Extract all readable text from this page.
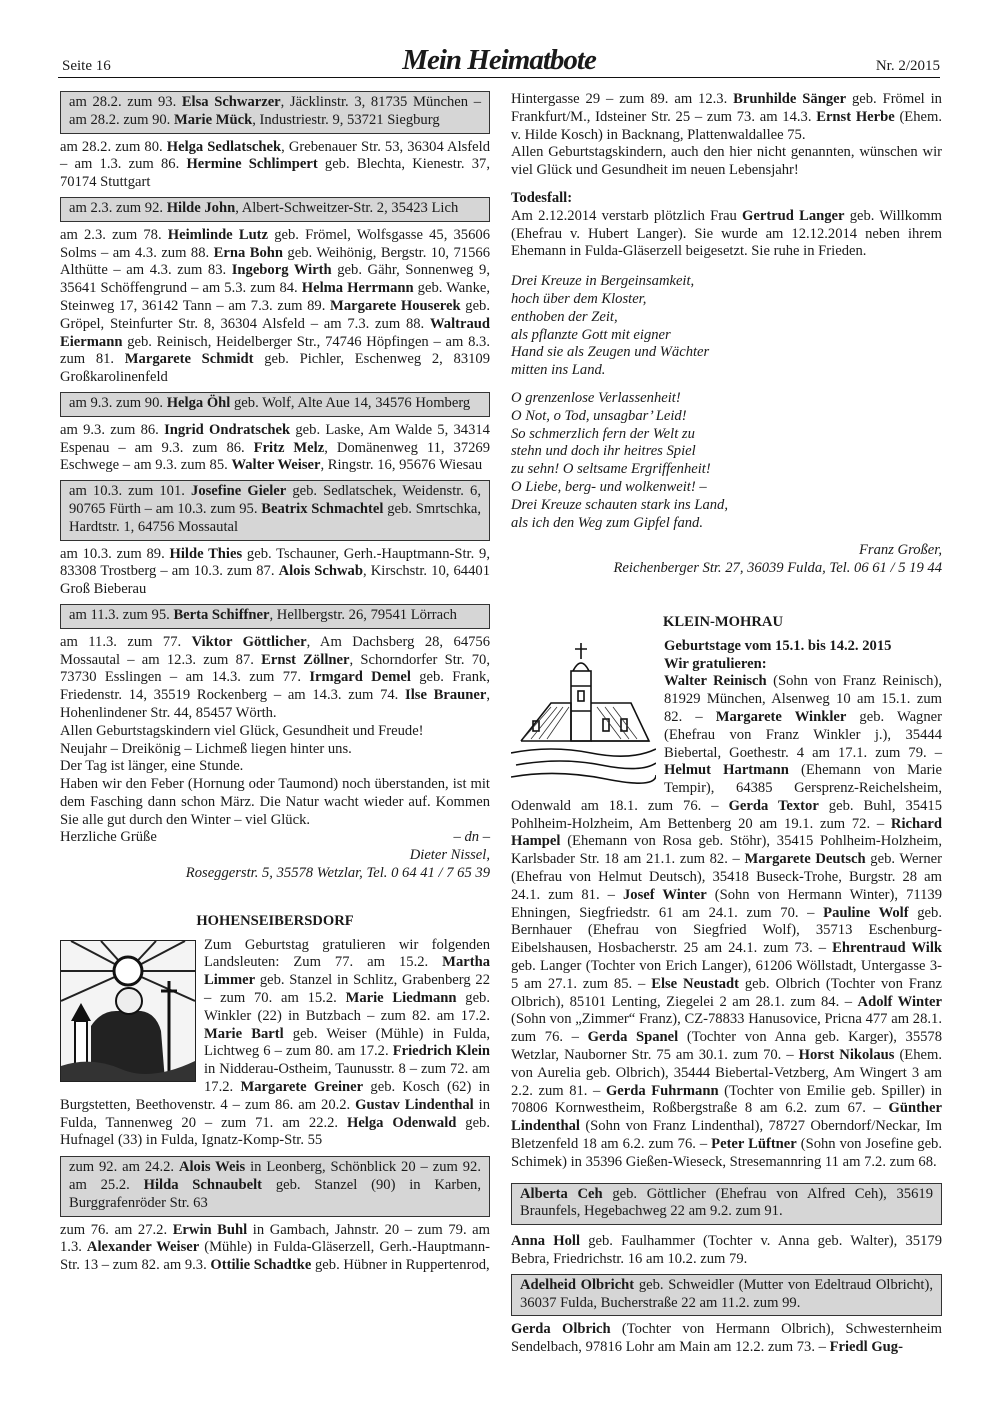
Seite 16	Mein Heimatbote	Nr. 2/2015
am 28.2. zum 93. Elsa Schwarzer, Jäcklinstr. 3, 81735 München – am 28.2. zum 90. Marie Mück, Industriestr. 9, 53721 Siegburg

am 28.2. zum 80. Helga Sedlatschek, Grebenauer Str. 53, 36304 Alsfeld – am 1.3. zum 86. Hermine Schlimpert geb. Blechta, Kienestr. 37, 70174 Stuttgart

am 2.3. zum 92. Hilde John, Albert-Schweitzer-Str. 2, 35423 Lich

am 2.3. zum 78. Heimlinde Lutz geb. Frömel, Wolfsgasse 45, 35606 Solms – am 4.3. zum 88. Erna Bohn geb. Weihönig, Bergstr. 10, 71566 Althütte – am 4.3. zum 83. Ingeborg Wirth geb. Gähr, Sonnenweg 9, 35641 Schöffengrund – am 5.3. zum 84. Helma Herrmann geb. Wanke, Steinweg 17, 36142 Tann – am 7.3. zum 89. Margarete Houserek geb. Gröpel, Steinfurter Str. 8, 36304 Alsfeld – am 7.3. zum 88. Waltraud Eiermann geb. Reinisch, Heidelberger Str., 74746 Höpfingen – am 8.3. zum 81. Margarete Schmidt geb. Pichler, Eschenweg 2, 83109 Großkarolinenfeld

am 9.3. zum 90. Helga Öhl geb. Wolf, Alte Aue 14, 34576 Homberg

am 9.3. zum 86. Ingrid Ondratschek geb. Laske, Am Walde 5, 34314 Espenau – am 9.3. zum 86. Fritz Melz, Domänenweg 11, 37269 Eschwege – am 9.3. zum 85. Walter Weiser, Ringstr. 16, 95676 Wiesau

am 10.3. zum 101. Josefine Gieler geb. Sedlatschek, Weidenstr. 6, 90765 Fürth – am 10.3. zum 95. Beatrix Schmachtel geb. Smrtschka, Hardtstr. 1, 64756 Mossautal

am 10.3. zum 89. Hilde Thies geb. Tschauner, Gerh.-Hauptmann-Str. 9, 83308 Trostberg – am 10.3. zum 87. Alois Schwab, Kirschstr. 10, 64401 Groß Bieberau

am 11.3. zum 95. Berta Schiffner, Hellbergstr. 26, 79541 Lörrach

am 11.3. zum 77. Viktor Göttlicher, Am Dachsberg 28, 64756 Mossautal – am 12.3. zum 87. Ernst Zöllner, Schorndorfer Str. 70, 73730 Esslingen – am 14.3. zum 77. Irmgard Demel geb. Frank, Friedenstr. 14, 35519 Rockenberg – am 14.3. zum 74. Ilse Brauner, Hohenlindener Str. 44, 85457 Wörth.

Allen Geburtstagskindern viel Glück, Gesundheit und Freude!

Neujahr – Dreikönig – Lichmeß liegen hinter uns.

Der Tag ist länger, eine Stunde.

Haben wir den Feber (Hornung oder Taumond) noch überstanden, ist mit dem Fasching dann schon März. Die Natur wacht wieder auf. Kommen Sie alle gut durch den Winter – viel Glück.

Herzliche Grüße	– dn –

Dieter Nissel,

Roseggerstr. 5, 35578 Wetzlar, Tel. 0 64 41 / 7 65 39

HOHENSEIBERSDORF

Zum Geburtstag gratulieren wir folgenden Landsleuten: Zum 77. am 15.2. Martha Limmer geb. Stanzel in Schlitz, Grabenberg 22 – zum 70. am 15.2. Marie Liedmann geb. Winkler (22) in Butzbach – zum 82. am 17.2. Marie Bartl geb. Weiser (Mühle) in Fulda, Lichtweg 6 – zum 80. am 17.2. Friedrich Klein in Nidderau-Ostheim, Taunusstr. 8 – zum 72. am 17.2. Margarete Greiner geb. Kosch (62) in Burgstetten, Beethovenstr. 4 – zum 86. am 20.2. Gustav Lindenthal in Fulda, Tannenweg 20 – zum 71. am 22.2. Helga Odenwald geb. Hufnagel (33) in Fulda, Ignatz-Komp-Str. 55

zum 92. am 24.2. Alois Weis in Leonberg, Schönblick 20 – zum 92. am 25.2. Hilda Schnaubelt geb. Stanzel (90) in Karben, Burggrafenröder Str. 63

zum 76. am 27.2. Erwin Buhl in Gambach, Jahnstr. 20 – zum 79. am 1.3. Alexander Weiser (Mühle) in Fulda-Gläserzell, Gerh.-Hauptmann-Str. 13 – zum 82. am 9.3. Ottilie Schadtke geb. Hübner in Ruppertenrod,

Hintergasse 29 – zum 89. am 12.3. Brunhilde Sänger geb. Frömel in Frankfurt/M., Idsteiner Str. 25 – zum 73. am 14.3. Ernst Herbe (Ehem. v. Hilde Kosch) in Backnang, Plattenwaldallee 75.

Allen Geburtstagskindern, auch den hier nicht genannten, wünschen wir viel Glück und Gesundheit im neuen Lebensjahr!

Todesfall:

Am 2.12.2014 verstarb plötzlich Frau Gertrud Langer geb. Willkomm (Ehefrau v. Hubert Langer). Sie wurde am 12.12.2014 neben ihrem Ehemann in Fulda-Gläserzell beigesetzt. Sie ruhe in Frieden.

Drei Kreuze in Bergeinsamkeit,
hoch über dem Kloster,
enthoben der Zeit,
als pflanzte Gott mit eigner
Hand sie als Zeugen und Wächter
mitten ins Land.
O grenzenlose Verlassenheit!
O Not, o Tod, unsagbar’ Leid!
So schmerzlich fern der Welt zu
stehn und doch ihr heitres Spiel
zu sehn! O seltsame Ergriffenheit!
O Liebe, berg- und wolkenweit! –
Drei Kreuze schauten stark ins Land,
als ich den Weg zum Gipfel fand.

Franz Großer,

Reichenberger Str. 27, 36039 Fulda, Tel. 06 61 / 5 19 44

KLEIN-MOHRAU

Geburtstage vom 15.1. bis 14.2. 2015

Wir gratulieren:

Walter Reinisch (Sohn von Franz Reinisch), 81929 München, Alsenweg 10 am 15.1. zum 82. – Margarete Winkler geb. Wagner (Ehefrau von Franz Winkler j.), 35444 Biebertal, Goethestr. 4 am 17.1. zum 79. – Helmut Hartmann (Ehemann von Marie Tempir), 64385 Gersprenz-Reichelsheim, Odenwald am 18.1. zum 76. – Gerda Textor geb. Buhl, 35415 Pohlheim-Holzheim, Am Bettenberg 20 am 19.1. zum 72. – Richard Hampel (Ehemann von Rosa geb. Stöhr), 35415 Pohlheim-Holzheim, Karlsbader Str. 18 am 21.1. zum 82. – Margarete Deutsch geb. Werner (Ehefrau von Helmut Deutsch), 35418 Buseck-Trohe, Burgstr. 28 am 24.1. zum 81. – Josef Winter (Sohn von Hermann Winter), 71139 Ehningen, Siegfriedstr. 61 am 24.1. zum 70. – Pauline Wolf geb. Bernhauer (Ehefrau von Siegfried Wolf), 35713 Eschenburg-Eibelshausen, Hosbacherstr. 25 am 24.1. zum 73. – Ehrentraud Wilk geb. Langer (Tochter von Erich Langer), 61206 Wöllstadt, Untergasse 3-5 am 27.1. zum 85. – Else Neustadt geb. Olbrich (Tochter von Franz Olbrich), 85101 Lenting, Ziegelei 2 am 28.1. zum 84. – Adolf Winter (Sohn von „Zimmer“ Franz), CZ-78833 Hanusovice, Pricna 477 am 28.1. zum 76. – Gerda Spanel (Tochter von Anna geb. Karger), 35578 Wetzlar, Nauborner Str. 75 am 30.1. zum 70. – Horst Nikolaus (Ehem. von Aurelia geb. Olbrich), 35444 Biebertal-Vetzberg, Am Wingert 3 am 2.2. zum 81. – Gerda Fuhrmann (Tochter von Emilie geb. Spiller) in 70806 Kornwestheim, Roßbergstraße 8 am 6.2. zum 67. – Günther Lindenthal (Sohn von Franz Lindenthal), 78727 Oberndorf/Neckar, Im Bletzenfeld 18 am 6.2. zum 76. – Peter Lüftner (Sohn von Josefine geb. Schimek) in 35396 Gießen-Wieseck, Stresemannring 11 am 7.2. zum 68.

Alberta Ceh geb. Göttlicher (Ehefrau von Alfred Ceh), 35619 Braunfels, Hegebachweg 22 am 9.2. zum 91.

Anna Holl geb. Faulhammer (Tochter v. Anna geb. Walter), 35179 Bebra, Friedrichstr. 16 am 10.2. zum 79.

Adelheid Olbricht geb. Schweidler (Mutter von Edeltraud Olbricht), 36037 Fulda, Bucherstraße 22 am 11.2. zum 99.

Gerda Olbrich (Tochter von Hermann Olbrich), Schwesternheim Sendelbach, 97816 Lohr am Main am 12.2. zum 73. – Friedl Gug-
